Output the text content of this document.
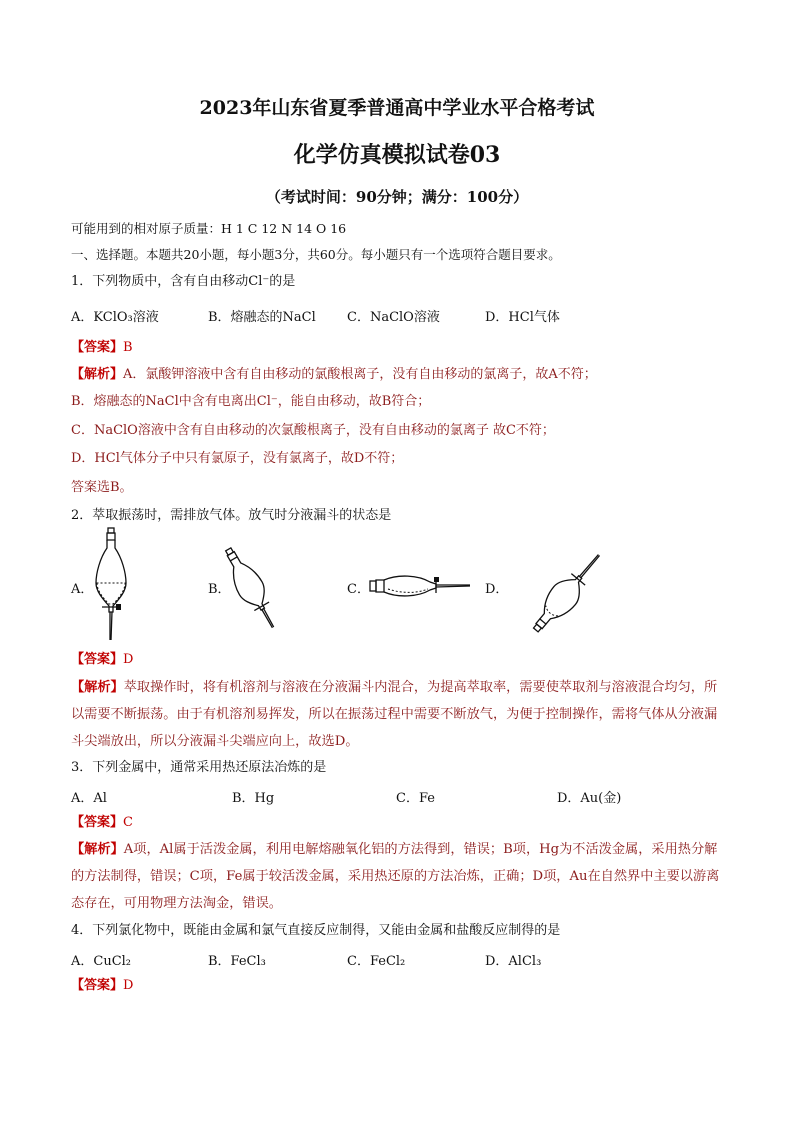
2023年山东省夏季普通高中学业水平合格考试
化学仿真模拟试卷03
（考试时间：90分钟；满分：100分）
可能用到的相对原子质量：H 1 C 12 N 14 O 16
一、选择题。本题共20小题，每小题3分，共60分。每小题只有一个选项符合题目要求。
1．下列物质中，含有自由移动Cl⁻的是
A．KClO₃溶液	B．熔融态的NaCl C．NaClO溶液	D．HCl气体
【答案】B
【解析】A．氯酸钾溶液中含有自由移动的氯酸根离子，没有自由移动的氯离子，故A不符；
B．熔融态的NaCl中含有电离出Cl⁻，能自由移动，故B符合；
C．NaClO溶液中含有自由移动的次氯酸根离子，没有自由移动的氯离子 故C不符；
D．HCl气体分子中只有氯原子，没有氯离子，故D不符；
答案选B。
2．萃取振荡时，需排放气体。放气时分液漏斗的状态是
A．	B．	C．	D．
【答案】D
【解析】萃取操作时，将有机溶剂与溶液在分液漏斗内混合，为提高萃取率，需要使萃取剂与溶液混合均匀，所以需要不断振荡。由于有机溶剂易挥发，所以在振荡过程中需要不断放气，为便于控制操作，需将气体从分液漏斗尖端放出，所以分液漏斗尖端应向上，故选D。
3．下列金属中，通常采用热还原法冶炼的是
A．Al	B．Hg	C．Fe	D．Au(金)
【答案】C
【解析】A项，Al属于活泼金属，利用电解熔融氧化铝的方法得到，错误；B项，Hg为不活泼金属，采用热分解的方法制得，错误；C项，Fe属于较活泼金属，采用热还原的方法冶炼，正确；D项，Au在自然界中主要以游离态存在，可用物理方法淘金，错误。
4．下列氯化物中，既能由金属和氯气直接反应制得，又能由金属和盐酸反应制得的是
A．CuCl₂	B．FeCl₃	C．FeCl₂	D．AlCl₃
【答案】D
